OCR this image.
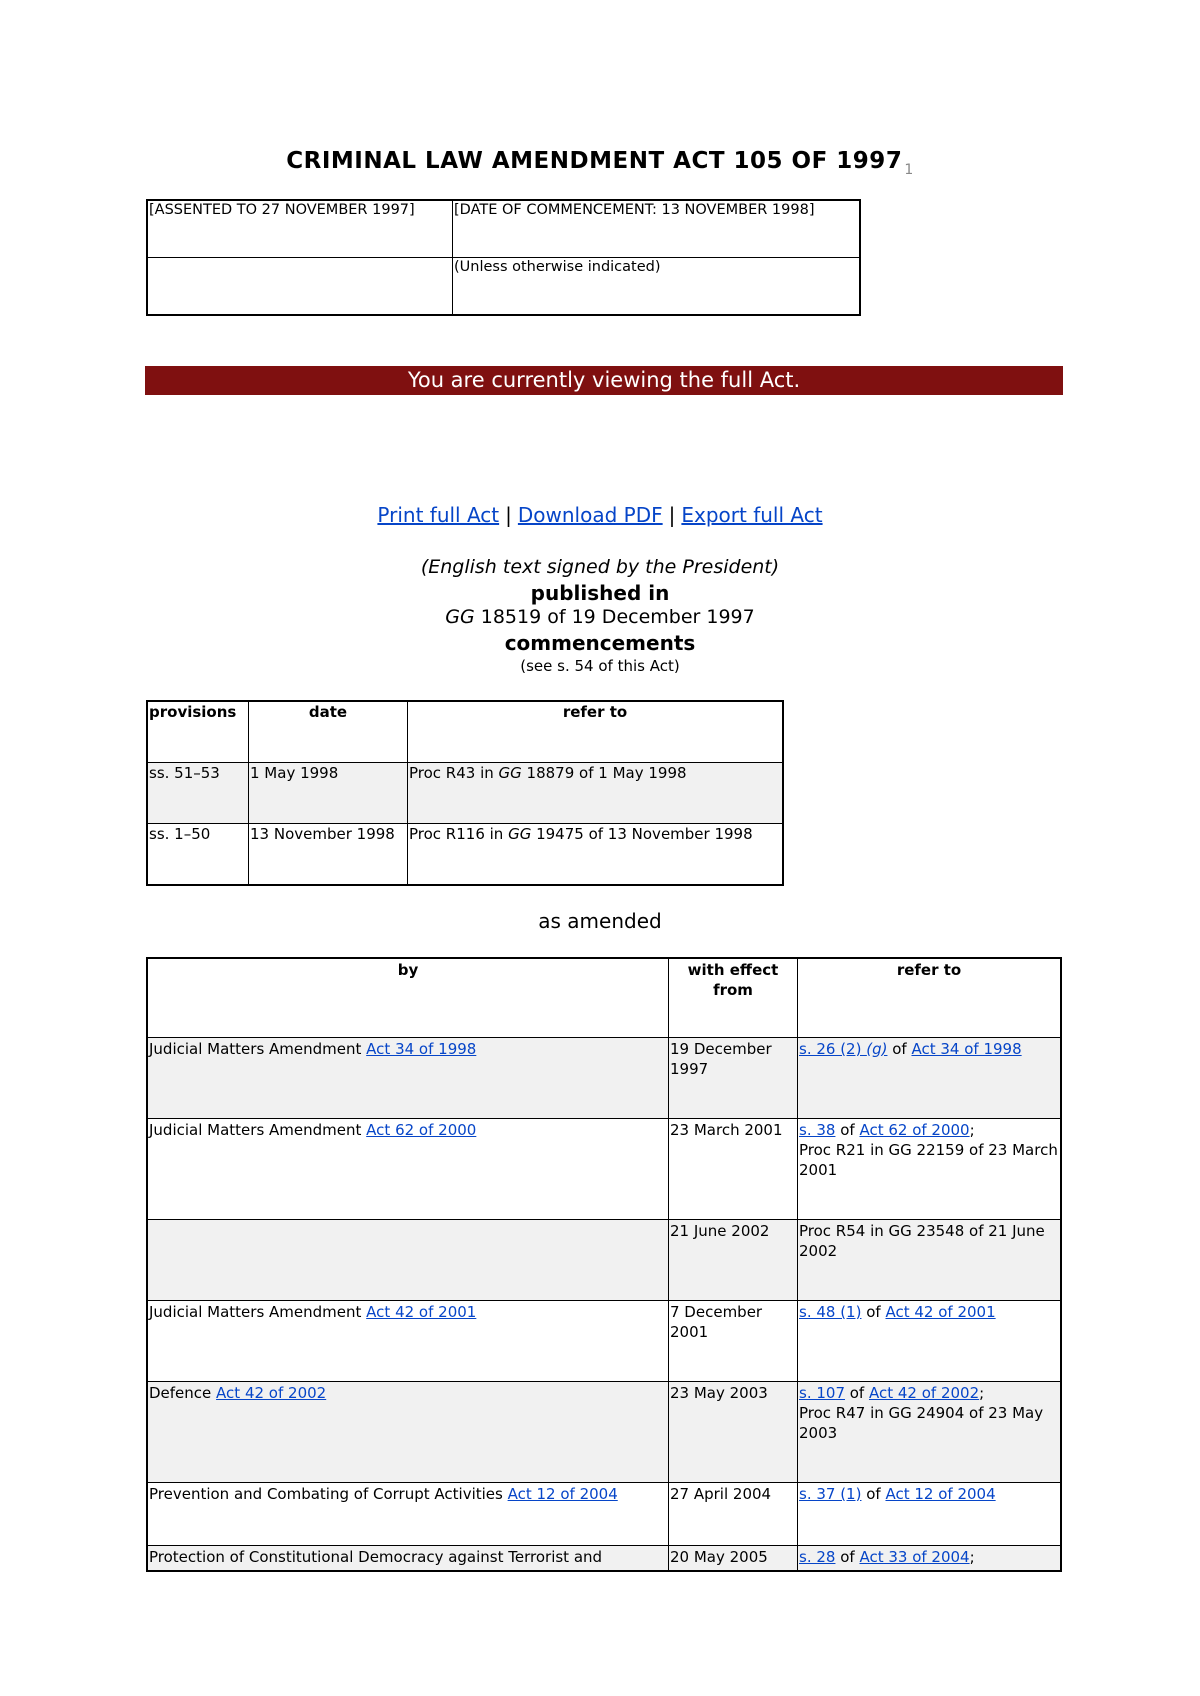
CRIMINAL LAW AMENDMENT ACT 105 OF 1997 $^1$
[ASSENTED TO 27 NOVEMBER 1997]	[DATE OF COMMENCEMENT: 13 NOVEMBER 1998]
	(Unless otherwise indicated)
You are currently viewing the full Act.
Print full Act | Download PDF | Export full Act
(English text signed by the President)
published in
GG 18519 of 19 December 1997
commencements
(see s. 54 of this Act)
provisions	date	refer to
ss. 51–53	1 May 1998	Proc R43 in GG 18879 of 1 May 1998
ss. 1–50	13 November 1998	Proc R116 in GG 19475 of 13 November 1998
as amended
by	with effect from	refer to
Judicial Matters Amendment Act 34 of 1998	19 December 1997	s. 26 (2) (g) of Act 34 of 1998
Judicial Matters Amendment Act 62 of 2000	23 March 2001	s. 38 of Act 62 of 2000;
Proc R21 in GG 22159 of 23 March 2001
	21 June 2002	Proc R54 in GG 23548 of 21 June 2002
Judicial Matters Amendment Act 42 of 2001	7 December 2001	s. 48 (1) of Act 42 of 2001
Defence Act 42 of 2002	23 May 2003	s. 107 of Act 42 of 2002;
Proc R47 in GG 24904 of 23 May 2003
Prevention and Combating of Corrupt Activities Act 12 of 2004	27 April 2004	s. 37 (1) of Act 12 of 2004
Protection of Constitutional Democracy against Terrorist and	20 May 2005	s. 28 of Act 33 of 2004;
